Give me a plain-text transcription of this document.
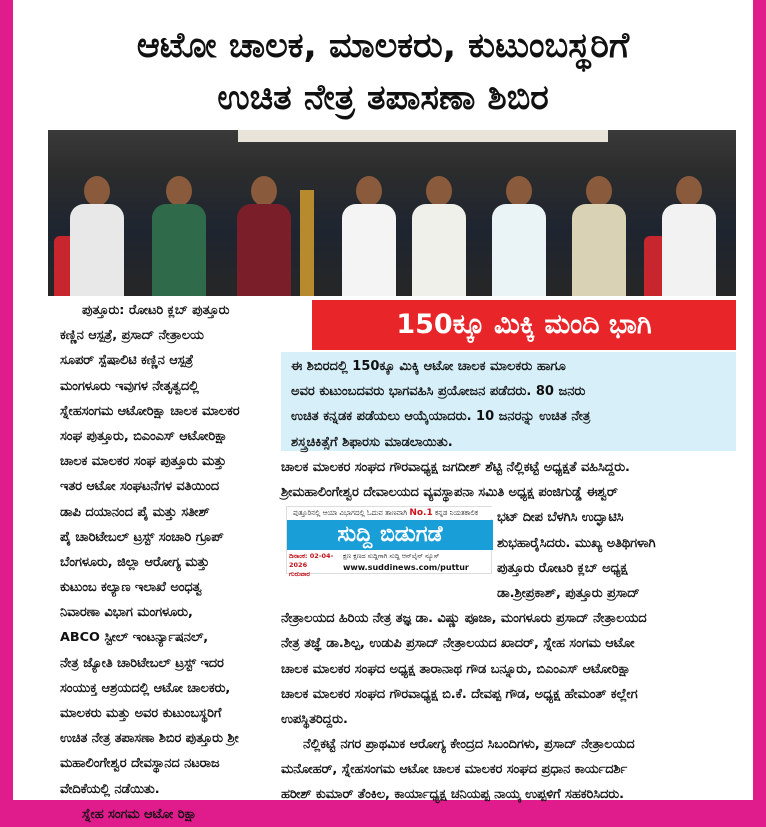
ಆಟೋ ಚಾಲಕ, ಮಾಲಕರು, ಕುಟುಂಬಸ್ಥರಿಗೆ
ಉಚಿತ ನೇತ್ರ ತಪಾಸಣಾ ಶಿಬಿರ
150ಕ್ಕೂ ಮಿಕ್ಕಿ ಮಂದಿ ಭಾಗಿ
ಈ ಶಿಬಿರದಲ್ಲಿ 150ಕ್ಕೂ ಮಿಕ್ಕಿ ಆಟೋ ಚಾಲಕ ಮಾಲಕರು ಹಾಗೂ
ಅವರ ಕುಟುಂಬದವರು ಭಾಗವಹಿಸಿ ಪ್ರಯೋಜನ ಪಡೆದರು. 80 ಜನರು
ಉಚಿತ ಕನ್ನಡಕ ಪಡೆಯಲು ಆಯ್ಕೆಯಾದರು. 10 ಜನರನ್ನು ಉಚಿತ ನೇತ್ರ
ಶಸ್ತ್ರಚಿಕಿತ್ಸೆಗೆ ಶಿಫಾರಸು ಮಾಡಲಾಯಿತು.
ಪುತ್ತೂರು: ರೋಟರಿ ಕ್ಲಬ್ ಪುತ್ತೂರು
ಕಣ್ಣಿನ ಆಸ್ಪತ್ರೆ, ಪ್ರಸಾದ್ ನೇತ್ರಾಲಯ
ಸೂಪರ್ ಸ್ಪೆಷಾಲಿಟಿ ಕಣ್ಣಿನ ಆಸ್ಪತ್ರೆ
ಮಂಗಳೂರು ಇವುಗಳ ನೇತೃತ್ವದಲ್ಲಿ
ಸ್ನೇಹಸಂಗಮ ಆಟೋರಿಕ್ಷಾ ಚಾಲಕ ಮಾಲಕರ
ಸಂಘ ಪುತ್ತೂರು, ಬಿಎಂಎಸ್ ಆಟೋರಿಕ್ಷಾ
ಚಾಲಕ ಮಾಲಕರ ಸಂಘ ಪುತ್ತೂರು ಮತ್ತು
ಇತರ ಆಟೋ ಸಂಘಟನೆಗಳ ವತಿಯಿಂದ
ಡಾಪಿ ದಯಾನಂದ ಪೈ ಮತ್ತು ಸತೀಶ್
ಪೈ ಚಾರಿಟೇಬಲ್ ಟ್ರಸ್ಟ್ ಸಂಚಾರಿ ಗ್ರೂಪ್
ಬೆಂಗಳೂರು, ಜಿಲ್ಲಾ ಆರೋಗ್ಯ ಮತ್ತು
ಕುಟುಂಬ ಕಲ್ಯಾಣ ಇಲಾಖೆ ಅಂಧತ್ವ
ನಿವಾರಣಾ ವಿಭಾಗ ಮಂಗಳೂರು,
ABCO ಸ್ಟೀಲ್ ಇಂಟರ್ನ್ಯಾಷನಲ್,
ನೇತ್ರ ಜ್ಯೋತಿ ಚಾರಿಟೇಬಲ್ ಟ್ರಸ್ಟ್ ಇದರ
ಸಂಯುಕ್ತ ಆಶ್ರಯದಲ್ಲಿ ಆಟೋ ಚಾಲಕರು,
ಮಾಲಕರು ಮತ್ತು ಅವರ ಕುಟುಂಬಸ್ಥರಿಗೆ
ಉಚಿತ ನೇತ್ರ ತಪಾಸಣಾ ಶಿಬಿರ ಪುತ್ತೂರು ಶ್ರೀ
ಮಹಾಲಿಂಗೇಶ್ವರ ದೇವಸ್ಥಾನದ ನಟರಾಜ
ವೇದಿಕೆಯಲ್ಲಿ ನಡೆಯಿತು.
ಸ್ನೇಹ ಸಂಗಮ ಆಟೋ ರಿಕ್ಷಾ
ಚಾಲಕ ಮಾಲಕರ ಸಂಘದ ಗೌರವಾಧ್ಯಕ್ಷ ಜಗದೀಶ್ ಶೆಟ್ಟಿ ನೆಲ್ಲಿಕಟ್ಟೆ ಅಧ್ಯಕ್ಷತೆ ವಹಿಸಿದ್ದರು.
ಶ್ರೀಮಹಾಲಿಂಗೇಶ್ವರ ದೇವಾಲಯದ ವ್ಯವಸ್ಥಾಪನಾ ಸಮಿತಿ ಅಧ್ಯಕ್ಷ ಪಂಜಿಗುಡ್ಡೆ ಈಶ್ವರ್
ಭಟ್ ದೀಪ ಬೆಳಗಿಸಿ ಉದ್ಘಾಟಿಸಿ
ಶುಭಹಾರೈಸಿದರು. ಮುಖ್ಯ ಅತಿಥಿಗಳಾಗಿ
ಪುತ್ತೂರು ರೋಟರಿ ಕ್ಲಬ್ ಅಧ್ಯಕ್ಷ
ಡಾ.ಶ್ರೀಪ್ರಕಾಶ್, ಪುತ್ತೂರು ಪ್ರಸಾದ್
ನೇತ್ರಾಲಯದ ಹಿರಿಯ ನೇತ್ರ ತಜ್ಞ ಡಾ. ವಿಷ್ಣು ಪೂಜಾ, ಮಂಗಳೂರು ಪ್ರಸಾದ್ ನೇತ್ರಾಲಯದ
ನೇತ್ರ ತಜ್ಞೆ ಡಾ.ಶಿಲ್ಪ, ಉಡುಪಿ ಪ್ರಸಾದ್ ನೇತ್ರಾಲಯದ ಖಾದರ್, ಸ್ನೇಹ ಸಂಗಮ ಆಟೋ
ಚಾಲಕ ಮಾಲಕರ ಸಂಘದ ಅಧ್ಯಕ್ಷ ತಾರಾನಾಥ ಗೌಡ ಬನ್ನೂರು, ಬಿಎಂಎಸ್ ಆಟೋರಿಕ್ಷಾ
ಚಾಲಕ ಮಾಲಕರ ಸಂಘದ ಗೌರವಾಧ್ಯಕ್ಷ ಬಿ.ಕೆ. ದೇವಪ್ಪ ಗೌಡ, ಅಧ್ಯಕ್ಷ ಹೇಮಂತ್ ಕಲ್ಲೇಗ
ಉಪಸ್ಥಿತರಿದ್ದರು.
ನೆಲ್ಲಿಕಟ್ಟೆ ನಗರ ಪ್ರಾಥಮಿಕ ಆರೋಗ್ಯ ಕೇಂದ್ರದ ಸಿಬಂದಿಗಳು, ಪ್ರಸಾದ್ ನೇತ್ರಾಲಯದ
ಮನೋಹರ್, ಸ್ನೇಹಸಂಗಮ ಆಟೋ ಚಾಲಕ ಮಾಲಕರ ಸಂಘದ ಪ್ರಧಾನ ಕಾರ್ಯದರ್ಶಿ
ಹರೀಶ್ ಕುಮಾರ್ ತೆಂಕಿಲ, ಕಾರ್ಯಾಧ್ಯಕ್ಷ ಚನಿಯಪ್ಪ ನಾಯ್ಕ ಉಪ್ಪಳಿಗೆ ಸಹಕರಿಸಿದರು.
ಪುತ್ತೂರಿನಲ್ಲಿ ಆಯಾ ವಿಭಾಗದಲ್ಲಿ ಓದುವ ತಾಣವಾಗಿ No.1 ಕನ್ನಡ ನಿಯತಕಾಲಿಕ
ಸುದ್ದಿ ಬಿಡುಗಡೆ
ದಿನಾಂಕ: 02-04-2026
ಗುರುವಾರ
ಕ್ಷಣ ಕ್ಷಣದ ಸುದ್ದಿಗಾಗಿ ಸುದ್ದಿ ಆನ್‌ಲೈನ್ ನ್ಯೂಸ್
www.suddinews.com/puttur
